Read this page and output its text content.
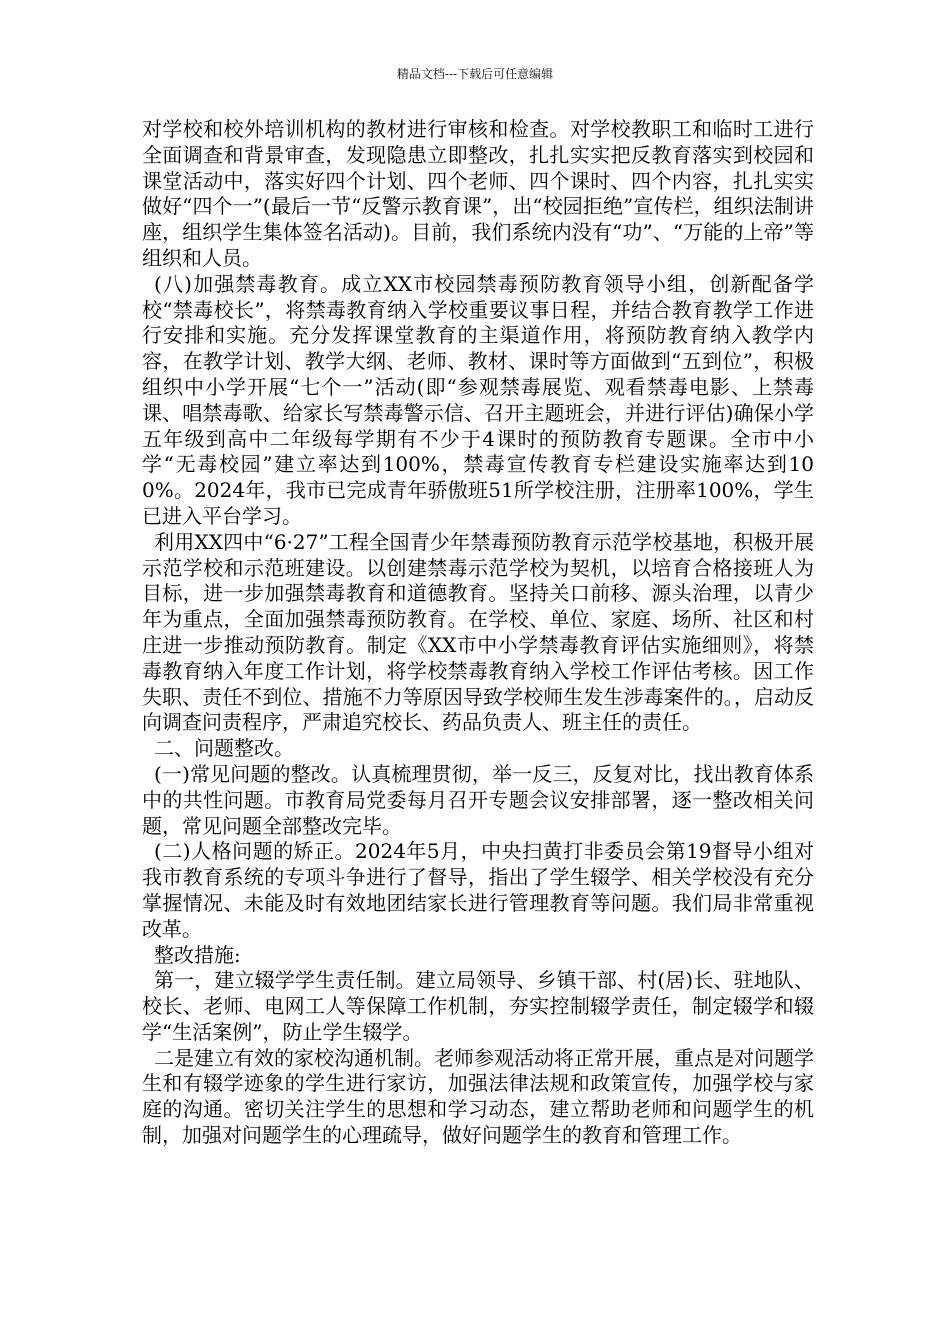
精品文档---下载后可任意编辑

对学校和校外培训机构的教材进行审核和检查。对学校教职工和临时工进行全面调查和背景审查，发现隐患立即整改，扎扎实实把反教育落实到校园和课堂活动中，落实好四个计划、四个老师、四个课时、四个内容，扎扎实实做好“四个一”(最后一节“反警示教育课”，出“校园拒绝”宣传栏，组织法制讲座，组织学生集体签名活动)。目前，我们系统内没有“功”、“万能的上帝”等组织和人员。

(八)加强禁毒教育。成立XX市校园禁毒预防教育领导小组，创新配备学校“禁毒校长”，将禁毒教育纳入学校重要议事日程，并结合教育教学工作进行安排和实施。充分发挥课堂教育的主渠道作用，将预防教育纳入教学内容，在教学计划、教学大纲、老师、教材、课时等方面做到“五到位”，积极组织中小学开展“七个一”活动(即“参观禁毒展览、观看禁毒电影、上禁毒课、唱禁毒歌、给家长写禁毒警示信、召开主题班会，并进行评估)确保小学五年级到高中二年级每学期有不少于4课时的预防教育专题课。全市中小学“无毒校园”建立率达到100%，禁毒宣传教育专栏建设实施率达到100%。2024年，我市已完成青年骄傲班51所学校注册，注册率100%，学生已进入平台学习。

利用XX四中“6·27”工程全国青少年禁毒预防教育示范学校基地，积极开展示范学校和示范班建设。以创建禁毒示范学校为契机，以培育合格接班人为目标，进一步加强禁毒教育和道德教育。坚持关口前移、源头治理，以青少年为重点，全面加强禁毒预防教育。在学校、单位、家庭、场所、社区和村庄进一步推动预防教育。制定《XX市中小学禁毒教育评估实施细则》，将禁毒教育纳入年度工作计划，将学校禁毒教育纳入学校工作评估考核。因工作失职、责任不到位、措施不力等原因导致学校师生发生涉毒案件的。，启动反向调查问责程序，严肃追究校长、药品负责人、班主任的责任。

二、问题整改。

(一)常见问题的整改。认真梳理贯彻，举一反三，反复对比，找出教育体系中的共性问题。市教育局党委每月召开专题会议安排部署，逐一整改相关问题，常见问题全部整改完毕。

(二)人格问题的矫正。2024年5月，中央扫黄打非委员会第19督导小组对我市教育系统的专项斗争进行了督导，指出了学生辍学、相关学校没有充分掌握情况、未能及时有效地团结家长进行管理教育等问题。我们局非常重视改革。

整改措施:

第一，建立辍学学生责任制。建立局领导、乡镇干部、村(居)长、驻地队、校长、老师、电网工人等保障工作机制，夯实控制辍学责任，制定辍学和辍学“生活案例”，防止学生辍学。

二是建立有效的家校沟通机制。老师参观活动将正常开展，重点是对问题学生和有辍学迹象的学生进行家访，加强法律法规和政策宣传，加强学校与家庭的沟通。密切关注学生的思想和学习动态，建立帮助老师和问题学生的机制，加强对问题学生的心理疏导，做好问题学生的教育和管理工作。
